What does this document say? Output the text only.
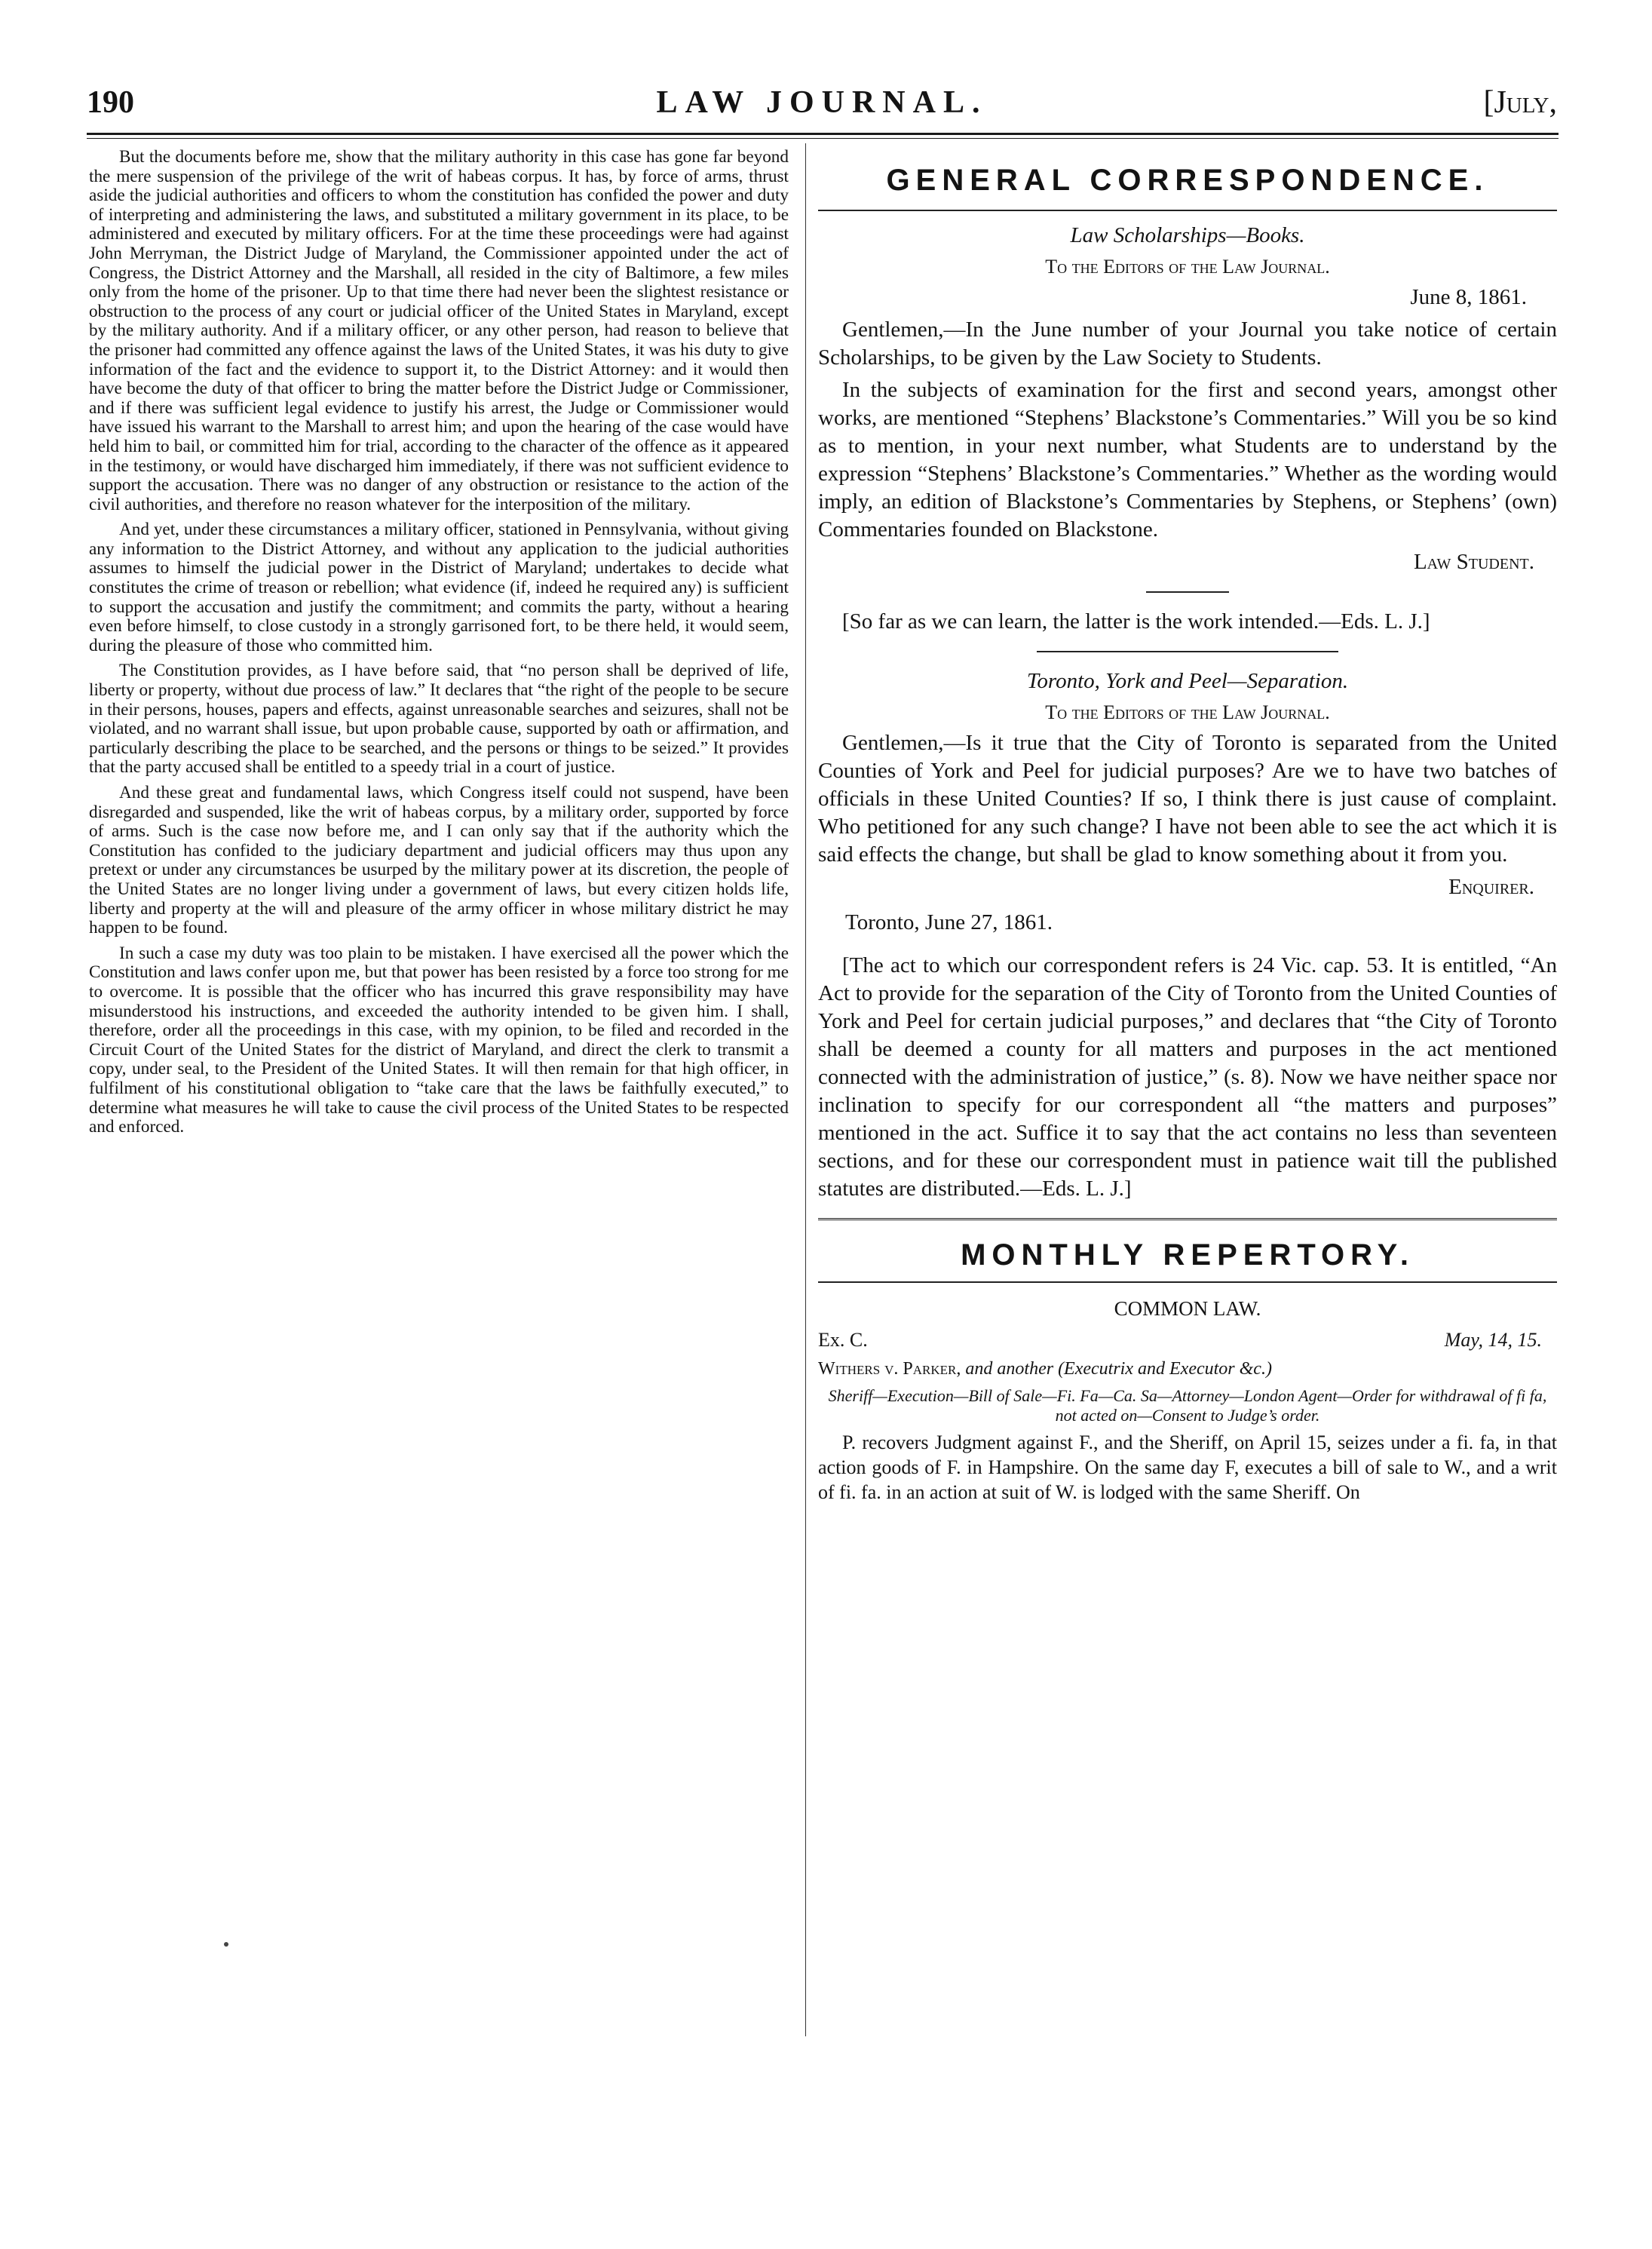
190	LAW JOURNAL.	[July,

But the documents before me, show that the military authority in this case has gone far beyond the mere suspension of the privilege of the writ of habeas corpus. It has, by force of arms, thrust aside the judicial authorities and officers to whom the constitution has confided the power and duty of interpreting and administering the laws, and substituted a military government in its place, to be administered and executed by military officers. For at the time these proceedings were had against John Merryman, the District Judge of Maryland, the Commissioner appointed under the act of Congress, the District Attorney and the Marshall, all resided in the city of Baltimore, a few miles only from the home of the prisoner. Up to that time there had never been the slightest resistance or obstruction to the process of any court or judicial officer of the United States in Maryland, except by the military authority. And if a military officer, or any other person, had reason to believe that the prisoner had committed any offence against the laws of the United States, it was his duty to give information of the fact and the evidence to support it, to the District Attorney: and it would then have become the duty of that officer to bring the matter before the District Judge or Commissioner, and if there was sufficient legal evidence to justify his arrest, the Judge or Commissioner would have issued his warrant to the Marshall to arrest him; and upon the hearing of the case would have held him to bail, or committed him for trial, according to the character of the offence as it appeared in the testimony, or would have discharged him immediately, if there was not sufficient evidence to support the accusation. There was no danger of any obstruction or resistance to the action of the civil authorities, and therefore no reason whatever for the interposition of the military.

And yet, under these circumstances a military officer, stationed in Pennsylvania, without giving any information to the District Attorney, and without any application to the judicial authorities assumes to himself the judicial power in the District of Maryland; undertakes to decide what constitutes the crime of treason or rebellion; what evidence (if, indeed he required any) is sufficient to support the accusation and justify the commitment; and commits the party, without a hearing even before himself, to close custody in a strongly garrisoned fort, to be there held, it would seem, during the pleasure of those who committed him.

The Constitution provides, as I have before said, that “no person shall be deprived of life, liberty or property, without due process of law.” It declares that “the right of the people to be secure in their persons, houses, papers and effects, against unreasonable searches and seizures, shall not be violated, and no warrant shall issue, but upon probable cause, supported by oath or affirmation, and particularly describing the place to be searched, and the persons or things to be seized.” It provides that the party accused shall be entitled to a speedy trial in a court of justice.

And these great and fundamental laws, which Congress itself could not suspend, have been disregarded and suspended, like the writ of habeas corpus, by a military order, supported by force of arms. Such is the case now before me, and I can only say that if the authority which the Constitution has confided to the judiciary department and judicial officers may thus upon any pretext or under any circumstances be usurped by the military power at its discretion, the people of the United States are no longer living under a government of laws, but every citizen holds life, liberty and property at the will and pleasure of the army officer in whose military district he may happen to be found.

In such a case my duty was too plain to be mistaken. I have exercised all the power which the Constitution and laws confer upon me, but that power has been resisted by a force too strong for me to overcome. It is possible that the officer who has incurred this grave responsibility may have misunderstood his instructions, and exceeded the authority intended to be given him. I shall, therefore, order all the proceedings in this case, with my opinion, to be filed and recorded in the Circuit Court of the United States for the district of Maryland, and direct the clerk to transmit a copy, under seal, to the President of the United States. It will then remain for that high officer, in fulfilment of his constitutional obligation to “take care that the laws be faithfully executed,” to determine what measures he will take to cause the civil process of the United States to be respected and enforced.

GENERAL CORRESPONDENCE.
Law Scholarships—Books.
To the Editors of the Law Journal.
June 8, 1861.

Gentlemen,—In the June number of your Journal you take notice of certain Scholarships, to be given by the Law Society to Students.

In the subjects of examination for the first and second years, amongst other works, are mentioned “Stephens’ Blackstone’s Commentaries.” Will you be so kind as to mention, in your next number, what Students are to understand by the expression “Stephens’ Blackstone’s Commentaries.” Whether as the wording would imply, an edition of Blackstone’s Commentaries by Stephens, or Stephens’ (own) Commentaries founded on Blackstone.

Law Student.

[So far as we can learn, the latter is the work intended.—Eds. L. J.]

Toronto, York and Peel—Separation.
To the Editors of the Law Journal.

Gentlemen,—Is it true that the City of Toronto is separated from the United Counties of York and Peel for judicial purposes? Are we to have two batches of officials in these United Counties? If so, I think there is just cause of complaint. Who petitioned for any such change? I have not been able to see the act which it is said effects the change, but shall be glad to know something about it from you.

Enquirer.
Toronto, June 27, 1861.

[The act to which our correspondent refers is 24 Vic. cap. 53. It is entitled, “An Act to provide for the separation of the City of Toronto from the United Counties of York and Peel for certain judicial purposes,” and declares that “the City of Toronto shall be deemed a county for all matters and purposes in the act mentioned connected with the administration of justice,” (s. 8). Now we have neither space nor inclination to specify for our correspondent all “the matters and purposes” mentioned in the act. Suffice it to say that the act contains no less than seventeen sections, and for these our correspondent must in patience wait till the published statutes are distributed.—Eds. L. J.]

MONTHLY REPERTORY.
COMMON LAW.
Ex. C.	May, 14, 15.
Withers v. Parker, and another (Executrix and Executor &c.)
Sheriff—Execution—Bill of Sale—Fi. Fa—Ca. Sa—Attorney—London Agent—Order for withdrawal of fi fa, not acted on—Consent to Judge’s order.

P. recovers Judgment against F., and the Sheriff, on April 15, seizes under a fi. fa, in that action goods of F. in Hampshire. On the same day F, executes a bill of sale to W., and a writ of fi. fa. in an action at suit of W. is lodged with the same Sheriff. On
